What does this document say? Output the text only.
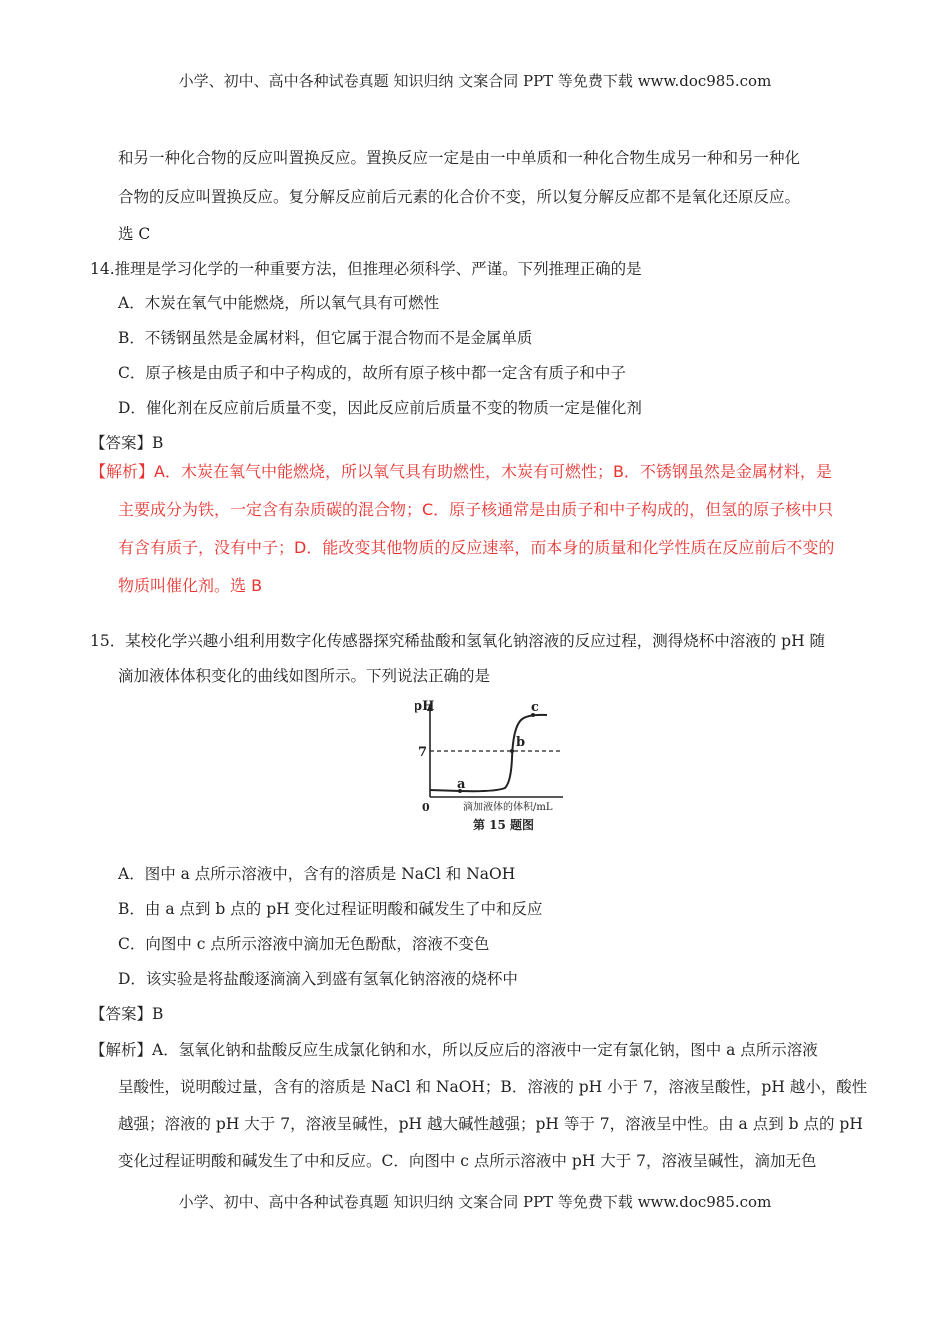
小学、初中、高中各种试卷真题 知识归纳 文案合同 PPT 等免费下载 www.doc985.com
和另一种化合物的反应叫置换反应。置换反应一定是由一中单质和一种化合物生成另一种和另一种化
合物的反应叫置换反应。复分解反应前后元素的化合价不变，所以复分解反应都不是氧化还原反应。
选 C
14.推理是学习化学的一种重要方法，但推理必须科学、严谨。下列推理正确的是
A．木炭在氧气中能燃烧，所以氧气具有可燃性
B．不锈钢虽然是金属材料，但它属于混合物而不是金属单质
C．原子核是由质子和中子构成的，故所有原子核中都一定含有质子和中子
D．催化剂在反应前后质量不变，因此反应前后质量不变的物质一定是催化剂
【答案】B
【解析】A．木炭在氧气中能燃烧，所以氧气具有助燃性，木炭有可燃性；B．不锈钢虽然是金属材料，是
主要成分为铁，一定含有杂质碳的混合物；C．原子核通常是由质子和中子构成的，但氢的原子核中只
有含有质子，没有中子；D．能改变其他物质的反应速率，而本身的质量和化学性质在反应前后不变的
物质叫催化剂。选 B
15．某校化学兴趣小组利用数字化传感器探究稀盐酸和氢氧化钠溶液的反应过程，测得烧杯中溶液的 pH 随
滴加液体体积变化的曲线如图所示。下列说法正确的是
pH
7
0
a
b
c
滴加液体的体积/mL
第 15 题图
A．图中 a 点所示溶液中，含有的溶质是 NaCl 和 NaOH
B．由 a 点到 b 点的 pH 变化过程证明酸和碱发生了中和反应
C．向图中 c 点所示溶液中滴加无色酚酞，溶液不变色
D．该实验是将盐酸逐滴滴入到盛有氢氧化钠溶液的烧杯中
【答案】B
【解析】A．氢氧化钠和盐酸反应生成氯化钠和水，所以反应后的溶液中一定有氯化钠，图中 a 点所示溶液
呈酸性，说明酸过量，含有的溶质是 NaCl 和 NaOH；B．溶液的 pH 小于 7，溶液呈酸性，pH 越小，酸性
越强；溶液的 pH 大于 7，溶液呈碱性，pH 越大碱性越强；pH 等于 7，溶液呈中性。由 a 点到 b 点的 pH
变化过程证明酸和碱发生了中和反应。C．向图中 c 点所示溶液中 pH 大于 7，溶液呈碱性，滴加无色
小学、初中、高中各种试卷真题 知识归纳 文案合同 PPT 等免费下载 www.doc985.com
